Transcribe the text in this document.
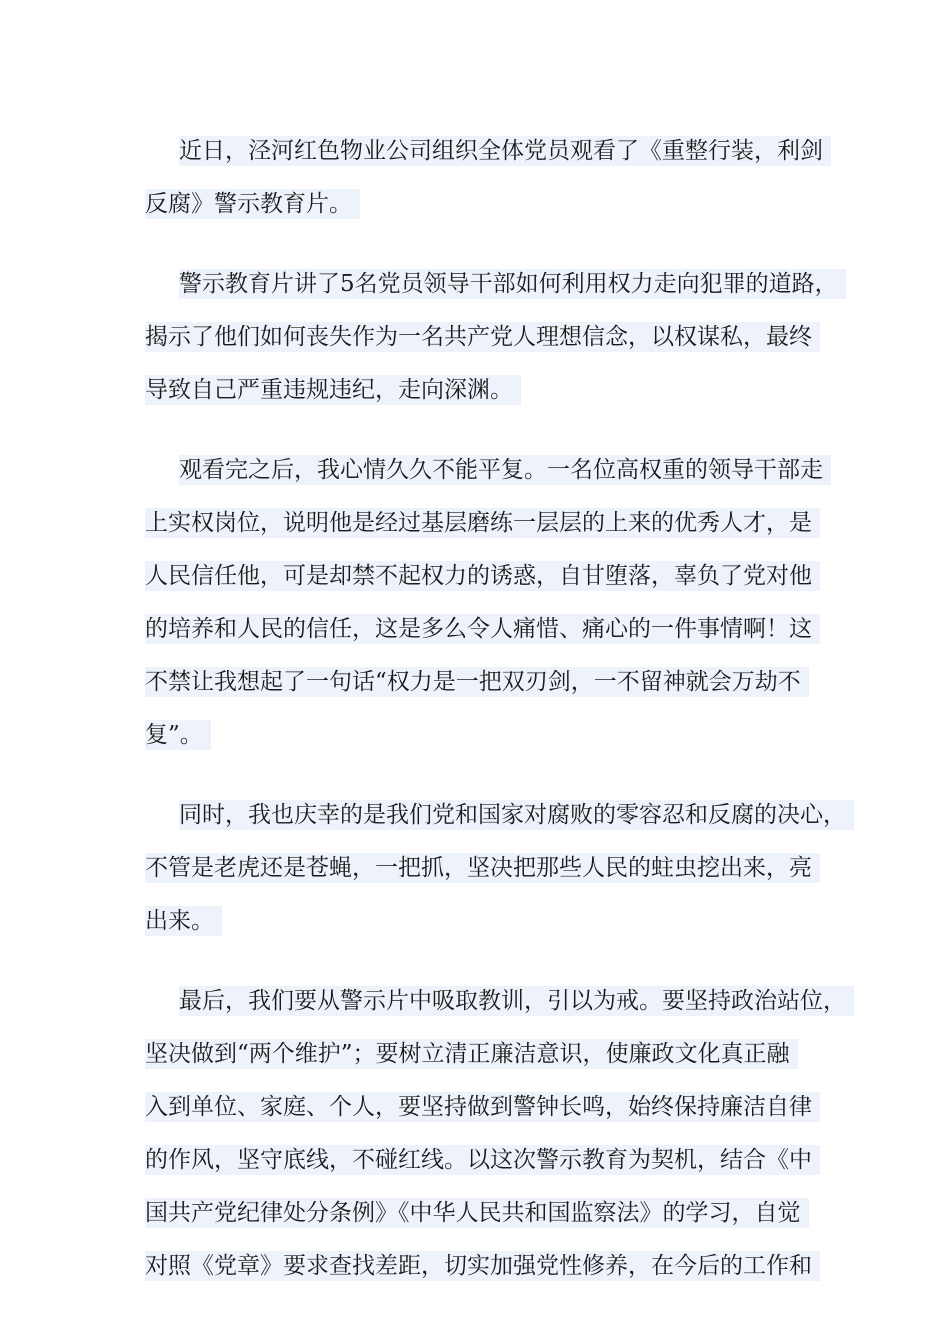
近日，泾河红色物业公司组织全体党员观看了《重整行装，利剑
反腐》警示教育片。
警示教育片讲了5名党员领导干部如何利用权力走向犯罪的道路，
揭示了他们如何丧失作为一名共产党人理想信念，以权谋私，最终
导致自己严重违规违纪，走向深渊。
观看完之后，我心情久久不能平复。一名位高权重的领导干部走
上实权岗位，说明他是经过基层磨练一层层的上来的优秀人才，是
人民信任他，可是却禁不起权力的诱惑，自甘堕落，辜负了党对他
的培养和人民的信任，这是多么令人痛惜、痛心的一件事情啊！这
不禁让我想起了一句话“权力是一把双刃剑，一不留神就会万劫不
复”。
同时，我也庆幸的是我们党和国家对腐败的零容忍和反腐的决心，
不管是老虎还是苍蝇，一把抓，坚决把那些人民的蛀虫挖出来，亮
出来。
最后，我们要从警示片中吸取教训，引以为戒。要坚持政治站位，
坚决做到“两个维护”；要树立清正廉洁意识，使廉政文化真正融
入到单位、家庭、个人，要坚持做到警钟长鸣，始终保持廉洁自律
的作风，坚守底线，不碰红线。以这次警示教育为契机，结合《中
国共产党纪律处分条例》《中华人民共和国监察法》的学习，自觉
对照《党章》要求查找差距，切实加强党性修养，在今后的工作和
